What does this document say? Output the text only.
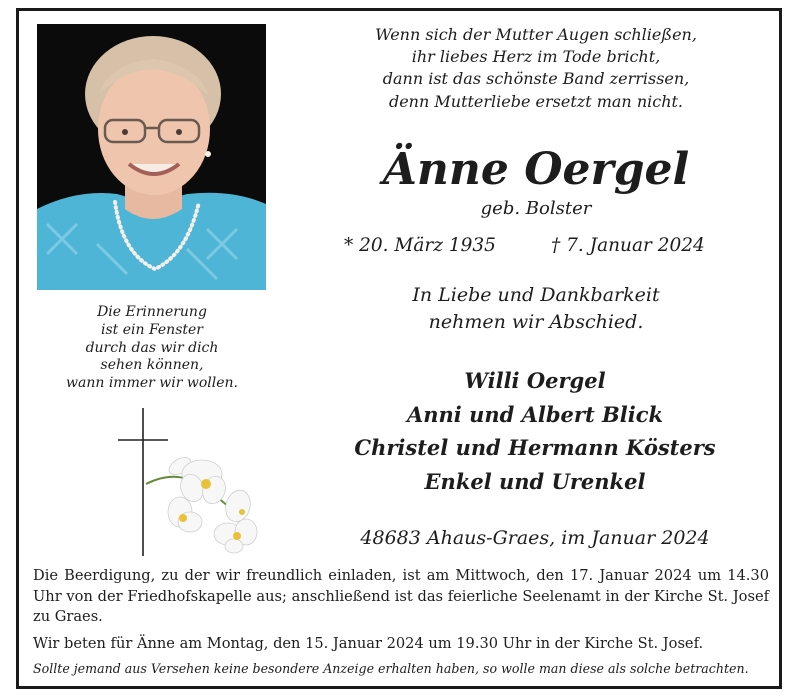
Wenn sich der Mutter Augen schließen,
ihr liebes Herz im Tode bricht,
dann ist das schönste Band zerrissen,
denn Mutterliebe ersetzt man nicht.
Änne Oergel
geb. Bolster
* 20. März 1935	† 7. Januar 2024
In Liebe und Dankbarkeit
nehmen wir Abschied.
Die Erinnerung
ist ein Fenster
durch das wir dich
sehen können,
wann immer wir wollen.	Willi Oergel
Anni und Albert Blick
Christel und Hermann Kösters
Enkel und Urenkel
48683 Ahaus-Graes, im Januar 2024

Die Beerdigung, zu der wir freundlich einladen, ist am Mittwoch, den 17. Januar 2024 um 14.30 Uhr von der Friedhofskapelle aus; anschließend ist das feierliche Seelenamt in der Kirche St. Josef zu Graes.

Wir beten für Änne am Montag, den 15. Januar 2024 um 19.30 Uhr in der Kirche St. Josef.
Sollte jemand aus Versehen keine besondere Anzeige erhalten haben, so wolle man diese als solche betrachten.
